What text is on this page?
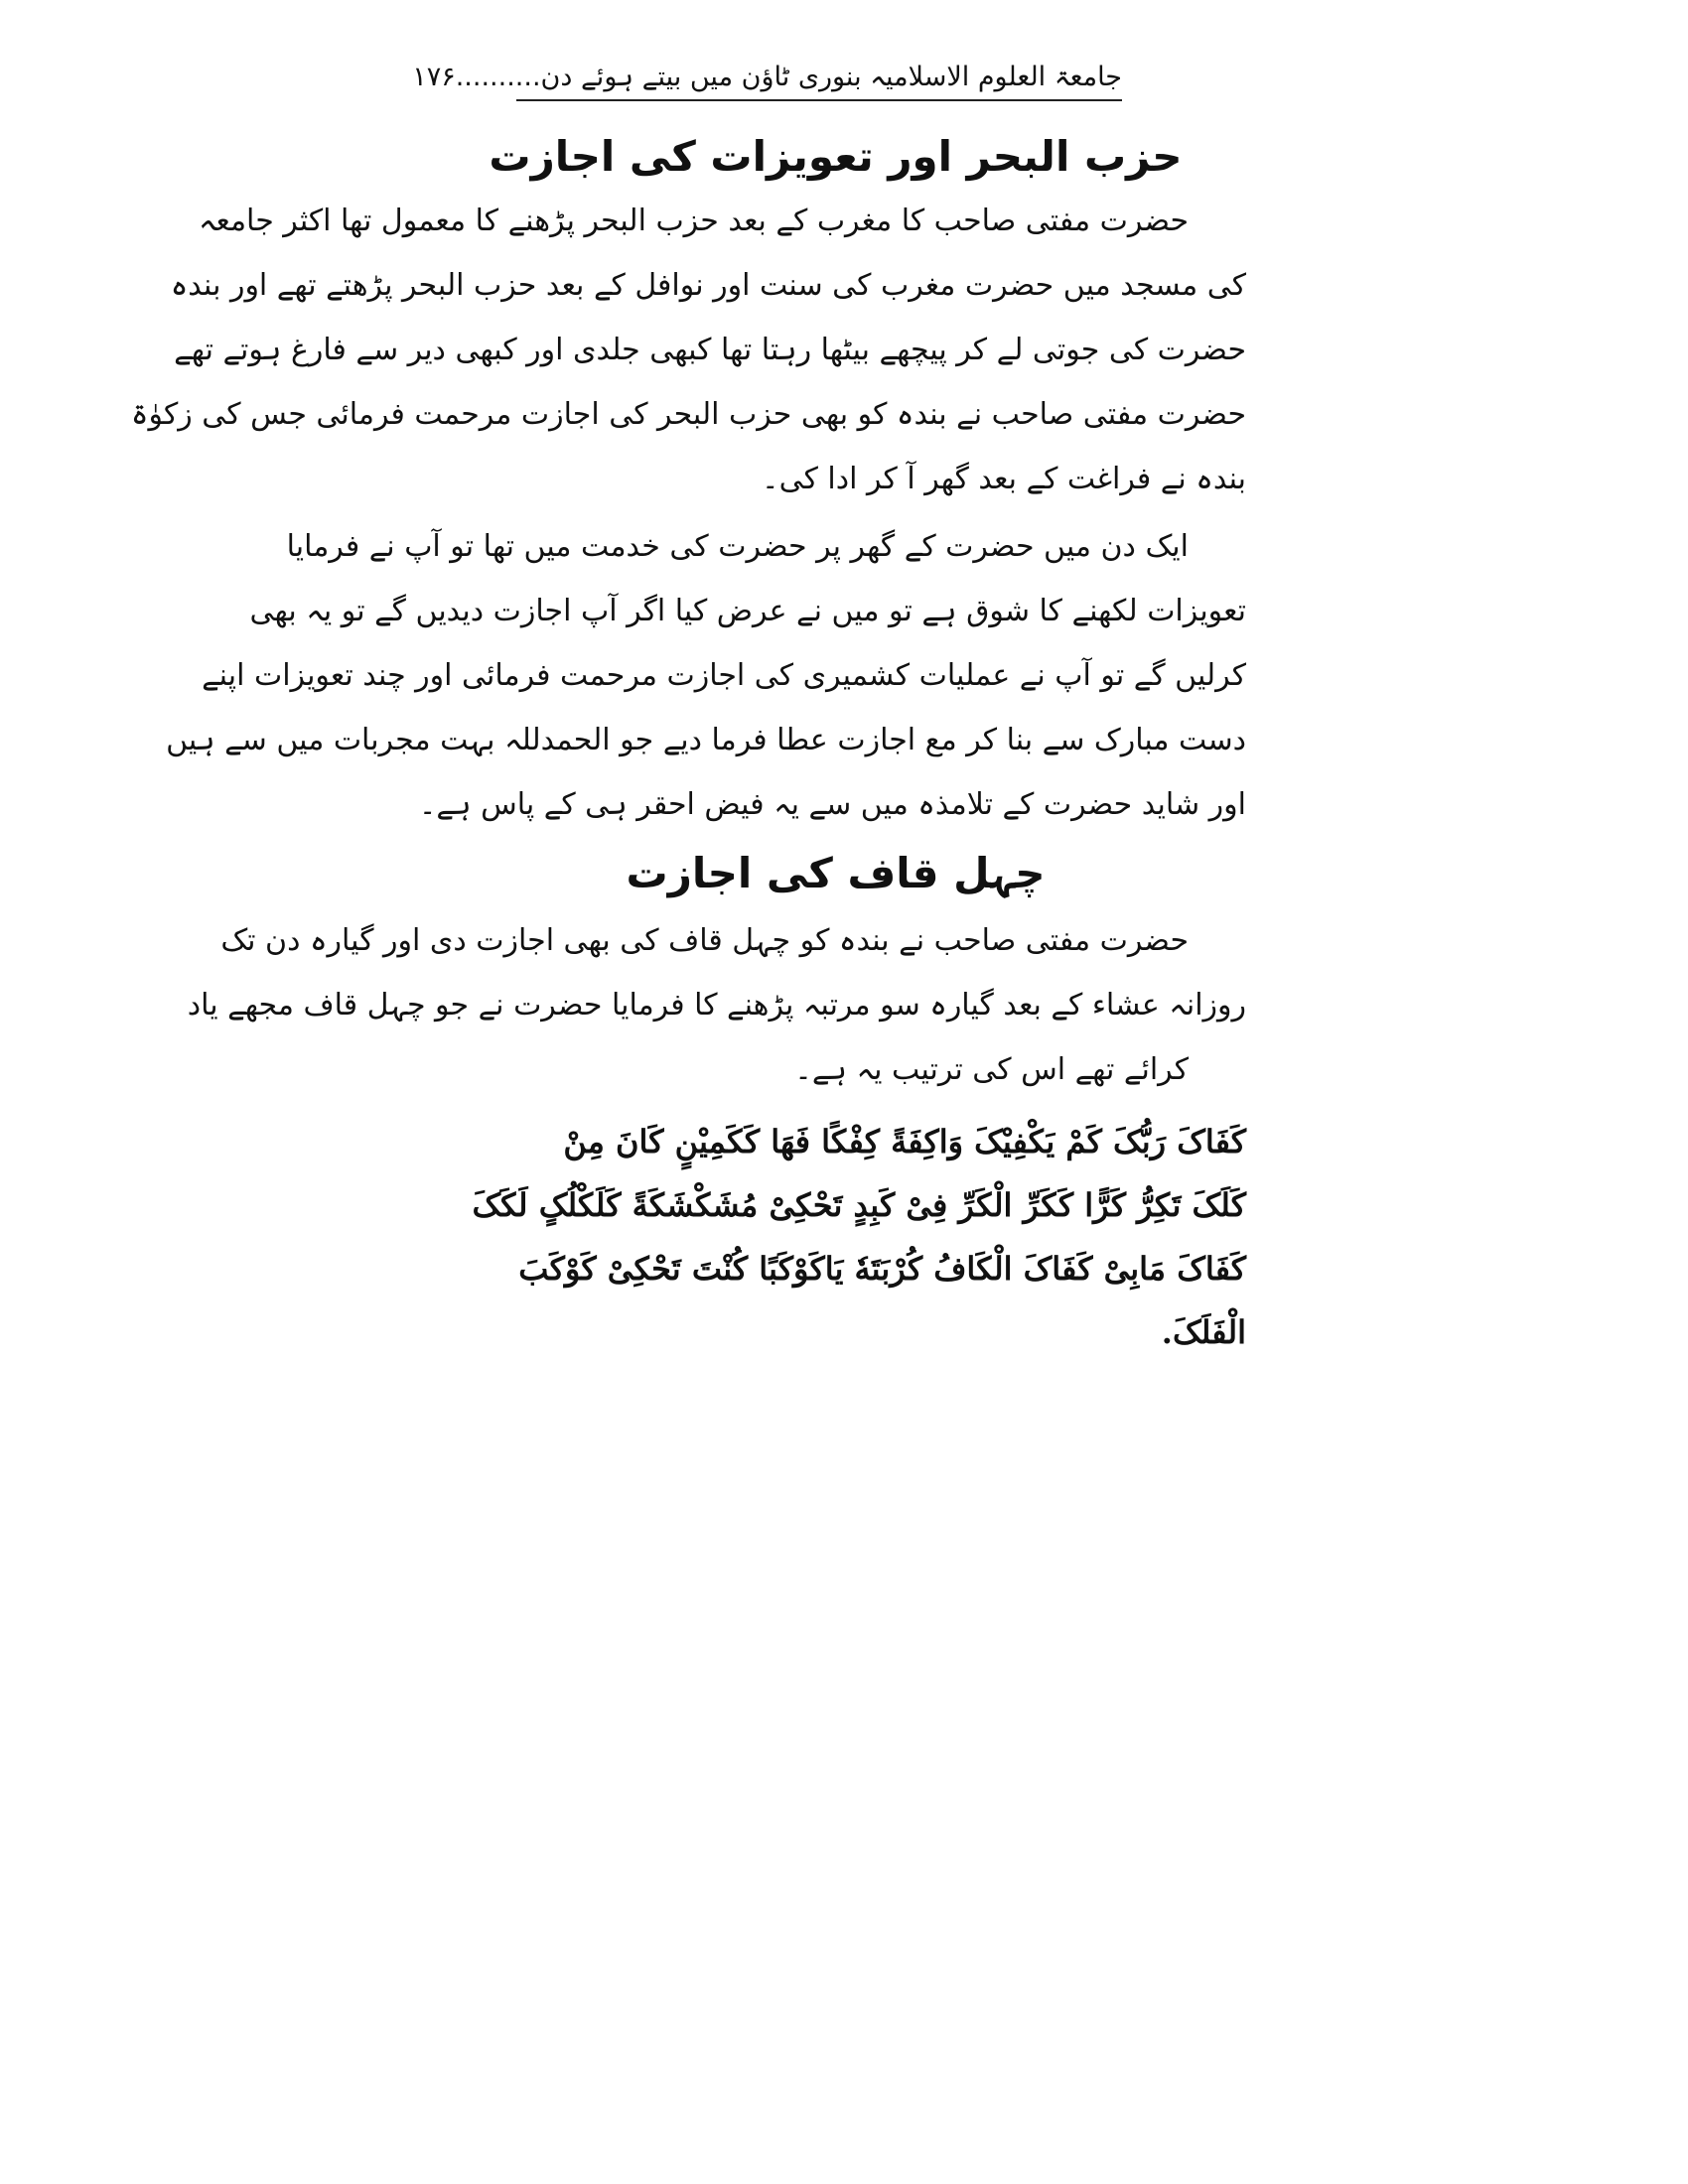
جامعۃ العلوم الاسلامیہ بنوری ٹاؤن میں بیتے ہوئے دن..........۱۷۶
حزب البحر اور تعویزات کی اجازت

حضرت مفتی صاحب کا مغرب کے بعد حزب البحر پڑھنے کا معمول تھا اکثر جامعہ
کی مسجد میں حضرت مغرب کی سنت اور نوافل کے بعد حزب البحر پڑھتے تھے اور بندہ
حضرت کی جوتی لے کر پیچھے بیٹھا رہتا تھا کبھی جلدی اور کبھی دیر سے فارغ ہوتے تھے
حضرت مفتی صاحب نے بندہ کو بھی حزب البحر کی اجازت مرحمت فرمائی جس کی زکوٰۃ
بندہ نے فراغت کے بعد گھر آ کر ادا کی۔

ایک دن میں حضرت کے گھر پر حضرت کی خدمت میں تھا تو آپ نے فرمایا
تعویزات لکھنے کا شوق ہے تو میں نے عرض کیا اگر آپ اجازت دیدیں گے تو یہ بھی
کرلیں گے تو آپ نے عملیات کشمیری کی اجازت مرحمت فرمائی اور چند تعویزات اپنے
دست مبارک سے بنا کر مع اجازت عطا فرما دیے جو الحمدللہ بہت مجربات میں سے ہیں
اور شاید حضرت کے تلامذہ میں سے یہ فیض احقر ہی کے پاس ہے۔

چہل قاف کی اجازت

حضرت مفتی صاحب نے بندہ کو چہل قاف کی بھی اجازت دی اور گیارہ دن تک
روزانہ عشاء کے بعد گیارہ سو مرتبہ پڑھنے کا فرمایا حضرت نے جو چہل قاف مجھے یاد
کرائے تھے اس کی ترتیب یہ ہے۔

کَفَاکَ رَبُّکَ کَمْ یَکْفِیْکَ وَاکِفَةً کِفْکًا فَهَا کَکَمِیْنٍ کَانَ مِنْ
کَلَکَ تَکِرُّ کَرًّا کَکَرِّ الْکَرِّ فِیْ کَبِدٍ تَحْکِیْ مُشَکْشَکَةً کَلَکْلُکٍ لَکَکَ
کَفَاکَ مَابِیْ کَفَاکَ الْکَافُ کُرْبَتَهٗ یَاکَوْکَبًا کُنْتَ تَحْکِیْ کَوْکَبَ
الْفَلَکَ.
